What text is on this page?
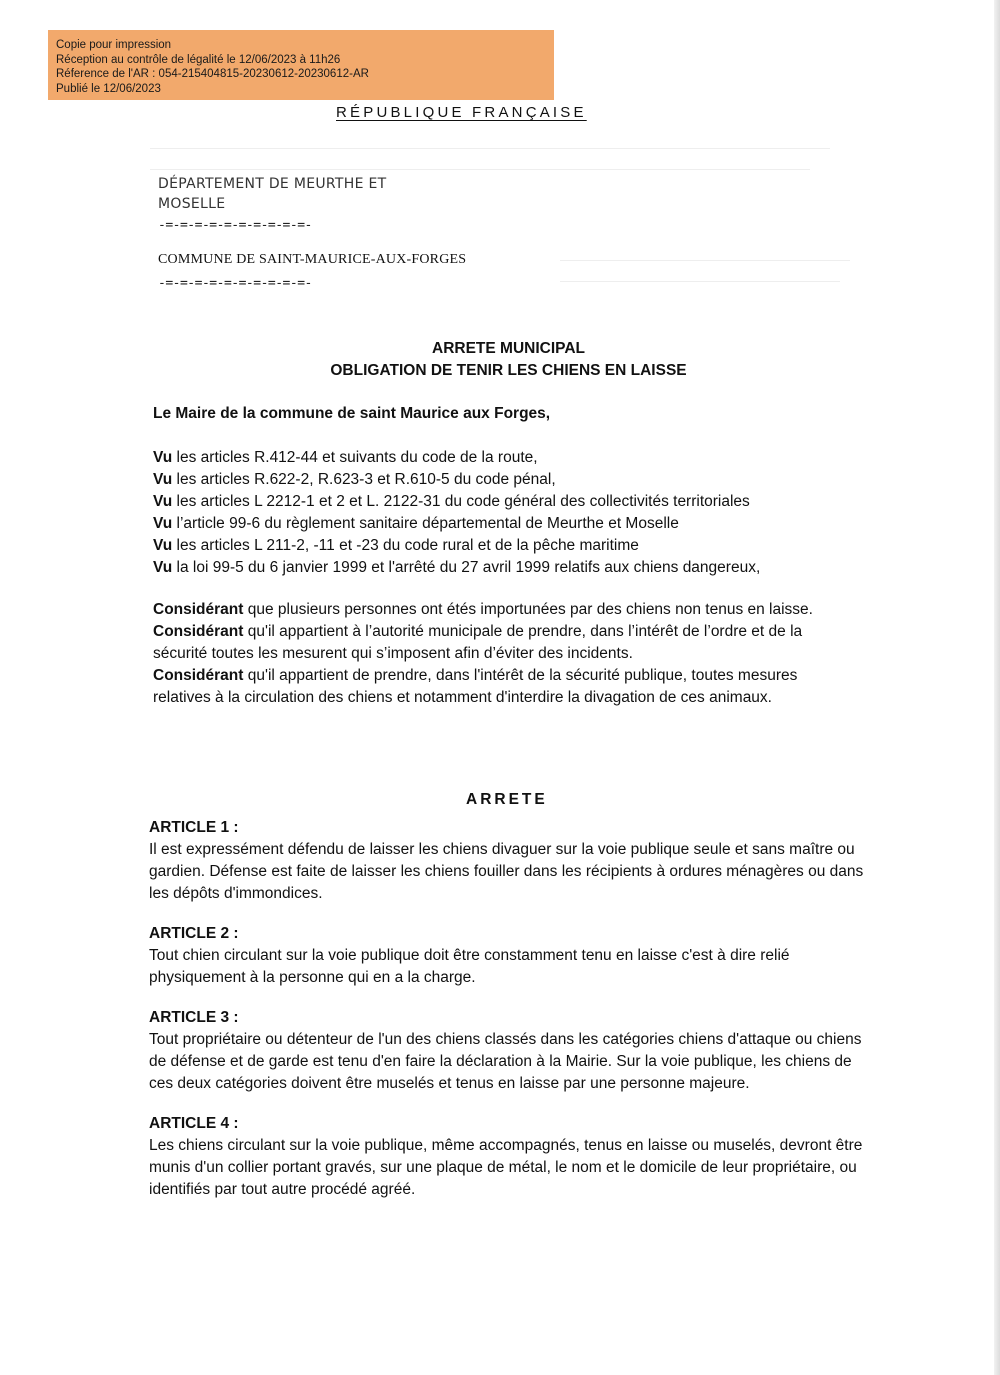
Copie pour impression
Réception au contrôle de légalité le 12/06/2023 à 11h26
Réference de l'AR : 054-215404815-20230612-20230612-AR
Publié le 12/06/2023
RÉPUBLIQUE FRANÇAISE
DÉPARTEMENT DE MEURTHE ET
MOSELLE
-=-=-=-=-=-=-=-=-=-=-
COMMUNE DE SAINT-MAURICE-AUX-FORGES
-=-=-=-=-=-=-=-=-=-=-
ARRETE MUNICIPAL
OBLIGATION DE TENIR LES CHIENS EN LAISSE

Le Maire de la commune de saint Maurice aux Forges,

Vu les articles R.412-44 et suivants du code de la route,

Vu les articles R.622-2, R.623-3 et R.610-5 du code pénal,

Vu les articles L 2212-1 et 2 et L. 2122-31 du code général des collectivités territoriales

Vu l’article 99-6 du règlement sanitaire départemental de Meurthe et Moselle

Vu les articles L 211-2, -11 et -23 du code rural et de la pêche maritime

Vu la loi 99-5 du 6 janvier 1999 et l'arrêté du 27 avril 1999 relatifs aux chiens dangereux,

Considérant que plusieurs personnes ont étés importunées par des chiens non tenus en laisse.

Considérant qu'il appartient à l’autorité municipale de prendre, dans l’intérêt de l’ordre et de la sécurité toutes les mesurent qui s’imposent afin d’éviter des incidents.

Considérant qu'il appartient de prendre, dans l'intérêt de la sécurité publique, toutes mesures relatives à la circulation des chiens et notamment d'interdire la divagation de ces animaux.

ARRETE
ARTICLE 1 :

Il est expressément défendu de laisser les chiens divaguer sur la voie publique seule et sans maître ou gardien. Défense est faite de laisser les chiens fouiller dans les récipients à ordures ménagères ou dans les dépôts d'immondices.

ARTICLE 2 :

Tout chien circulant sur la voie publique doit être constamment tenu en laisse c'est à dire relié physiquement à la personne qui en a la charge.

ARTICLE 3 :

Tout propriétaire ou détenteur de l'un des chiens classés dans les catégories chiens d'attaque ou chiens de défense et de garde est tenu d'en faire la déclaration à la Mairie. Sur la voie publique, les chiens de ces deux catégories doivent être muselés et tenus en laisse par une personne majeure.

ARTICLE 4 :

Les chiens circulant sur la voie publique, même accompagnés, tenus en laisse ou muselés, devront être munis d'un collier portant gravés, sur une plaque de métal, le nom et le domicile de leur propriétaire, ou identifiés par tout autre procédé agréé.
